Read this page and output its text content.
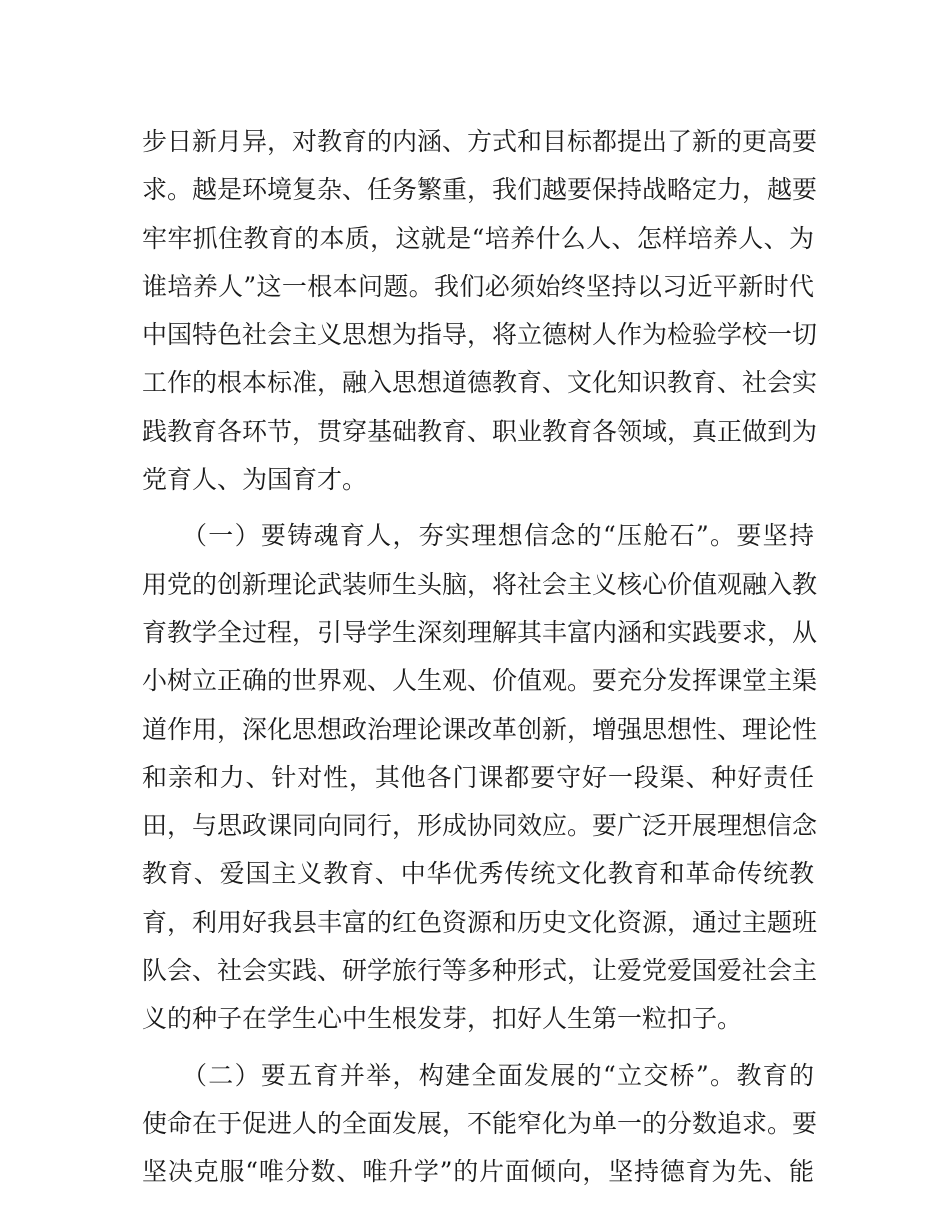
步日新月异，对教育的内涵、方式和目标都提出了新的更高要
求。越是环境复杂、任务繁重，我们越要保持战略定力，越要
牢牢抓住教育的本质，这就是“培养什么人、怎样培养人、为
谁培养人”这一根本问题。我们必须始终坚持以习近平新时代
中国特色社会主义思想为指导，将立德树人作为检验学校一切
工作的根本标准，融入思想道德教育、文化知识教育、社会实
践教育各环节，贯穿基础教育、职业教育各领域，真正做到为
党育人、为国育才。
（一）要铸魂育人，夯实理想信念的“压舱石”。要坚持
用党的创新理论武装师生头脑，将社会主义核心价值观融入教
育教学全过程，引导学生深刻理解其丰富内涵和实践要求，从
小树立正确的世界观、人生观、价值观。要充分发挥课堂主渠
道作用，深化思想政治理论课改革创新，增强思想性、理论性
和亲和力、针对性，其他各门课都要守好一段渠、种好责任
田，与思政课同向同行，形成协同效应。要广泛开展理想信念
教育、爱国主义教育、中华优秀传统文化教育和革命传统教
育，利用好我县丰富的红色资源和历史文化资源，通过主题班
队会、社会实践、研学旅行等多种形式，让爱党爱国爱社会主
义的种子在学生心中生根发芽，扣好人生第一粒扣子。
（二）要五育并举，构建全面发展的“立交桥”。教育的
使命在于促进人的全面发展，不能窄化为单一的分数追求。要
坚决克服“唯分数、唯升学”的片面倾向，坚持德育为先、能
